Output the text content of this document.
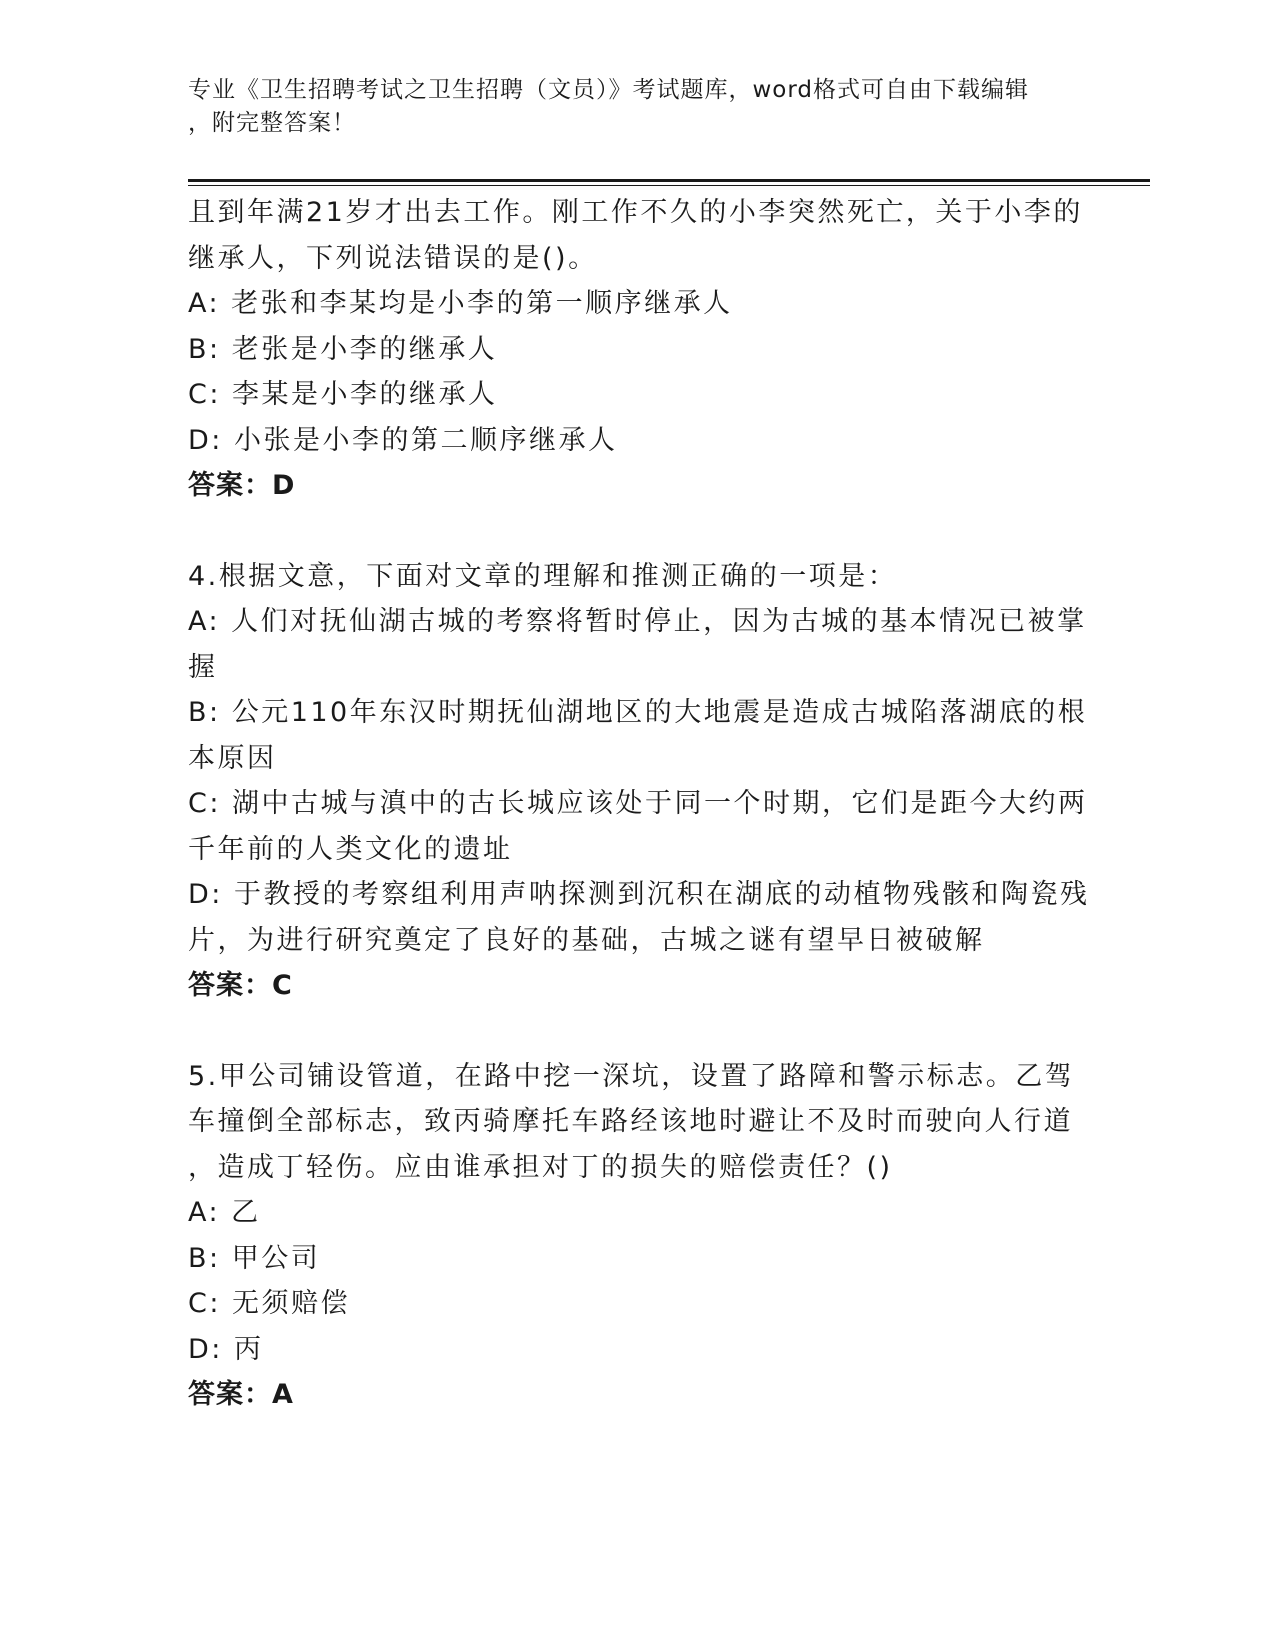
专业《卫生招聘考试之卫生招聘（文员）》考试题库，word格式可自由下载编辑
，附完整答案！

且到年满21岁才出去工作。刚工作不久的小李突然死亡，关于小李的

继承人，下列说法错误的是()。

A: 老张和李某均是小李的第一顺序继承人

B: 老张是小李的继承人

C: 李某是小李的继承人

D: 小张是小李的第二顺序继承人

答案：D

4.根据文意，下面对文章的理解和推测正确的一项是：

A: 人们对抚仙湖古城的考察将暂时停止，因为古城的基本情况已被掌

握

B: 公元110年东汉时期抚仙湖地区的大地震是造成古城陷落湖底的根

本原因

C: 湖中古城与滇中的古长城应该处于同一个时期，它们是距今大约两

千年前的人类文化的遗址

D: 于教授的考察组利用声呐探测到沉积在湖底的动植物残骸和陶瓷残

片，为进行研究奠定了良好的基础，古城之谜有望早日被破解

答案：C

5.甲公司铺设管道，在路中挖一深坑，设置了路障和警示标志。乙驾

车撞倒全部标志，致丙骑摩托车路经该地时避让不及时而驶向人行道

，造成丁轻伤。应由谁承担对丁的损失的赔偿责任？()

A: 乙

B: 甲公司

C: 无须赔偿

D: 丙

答案：A
